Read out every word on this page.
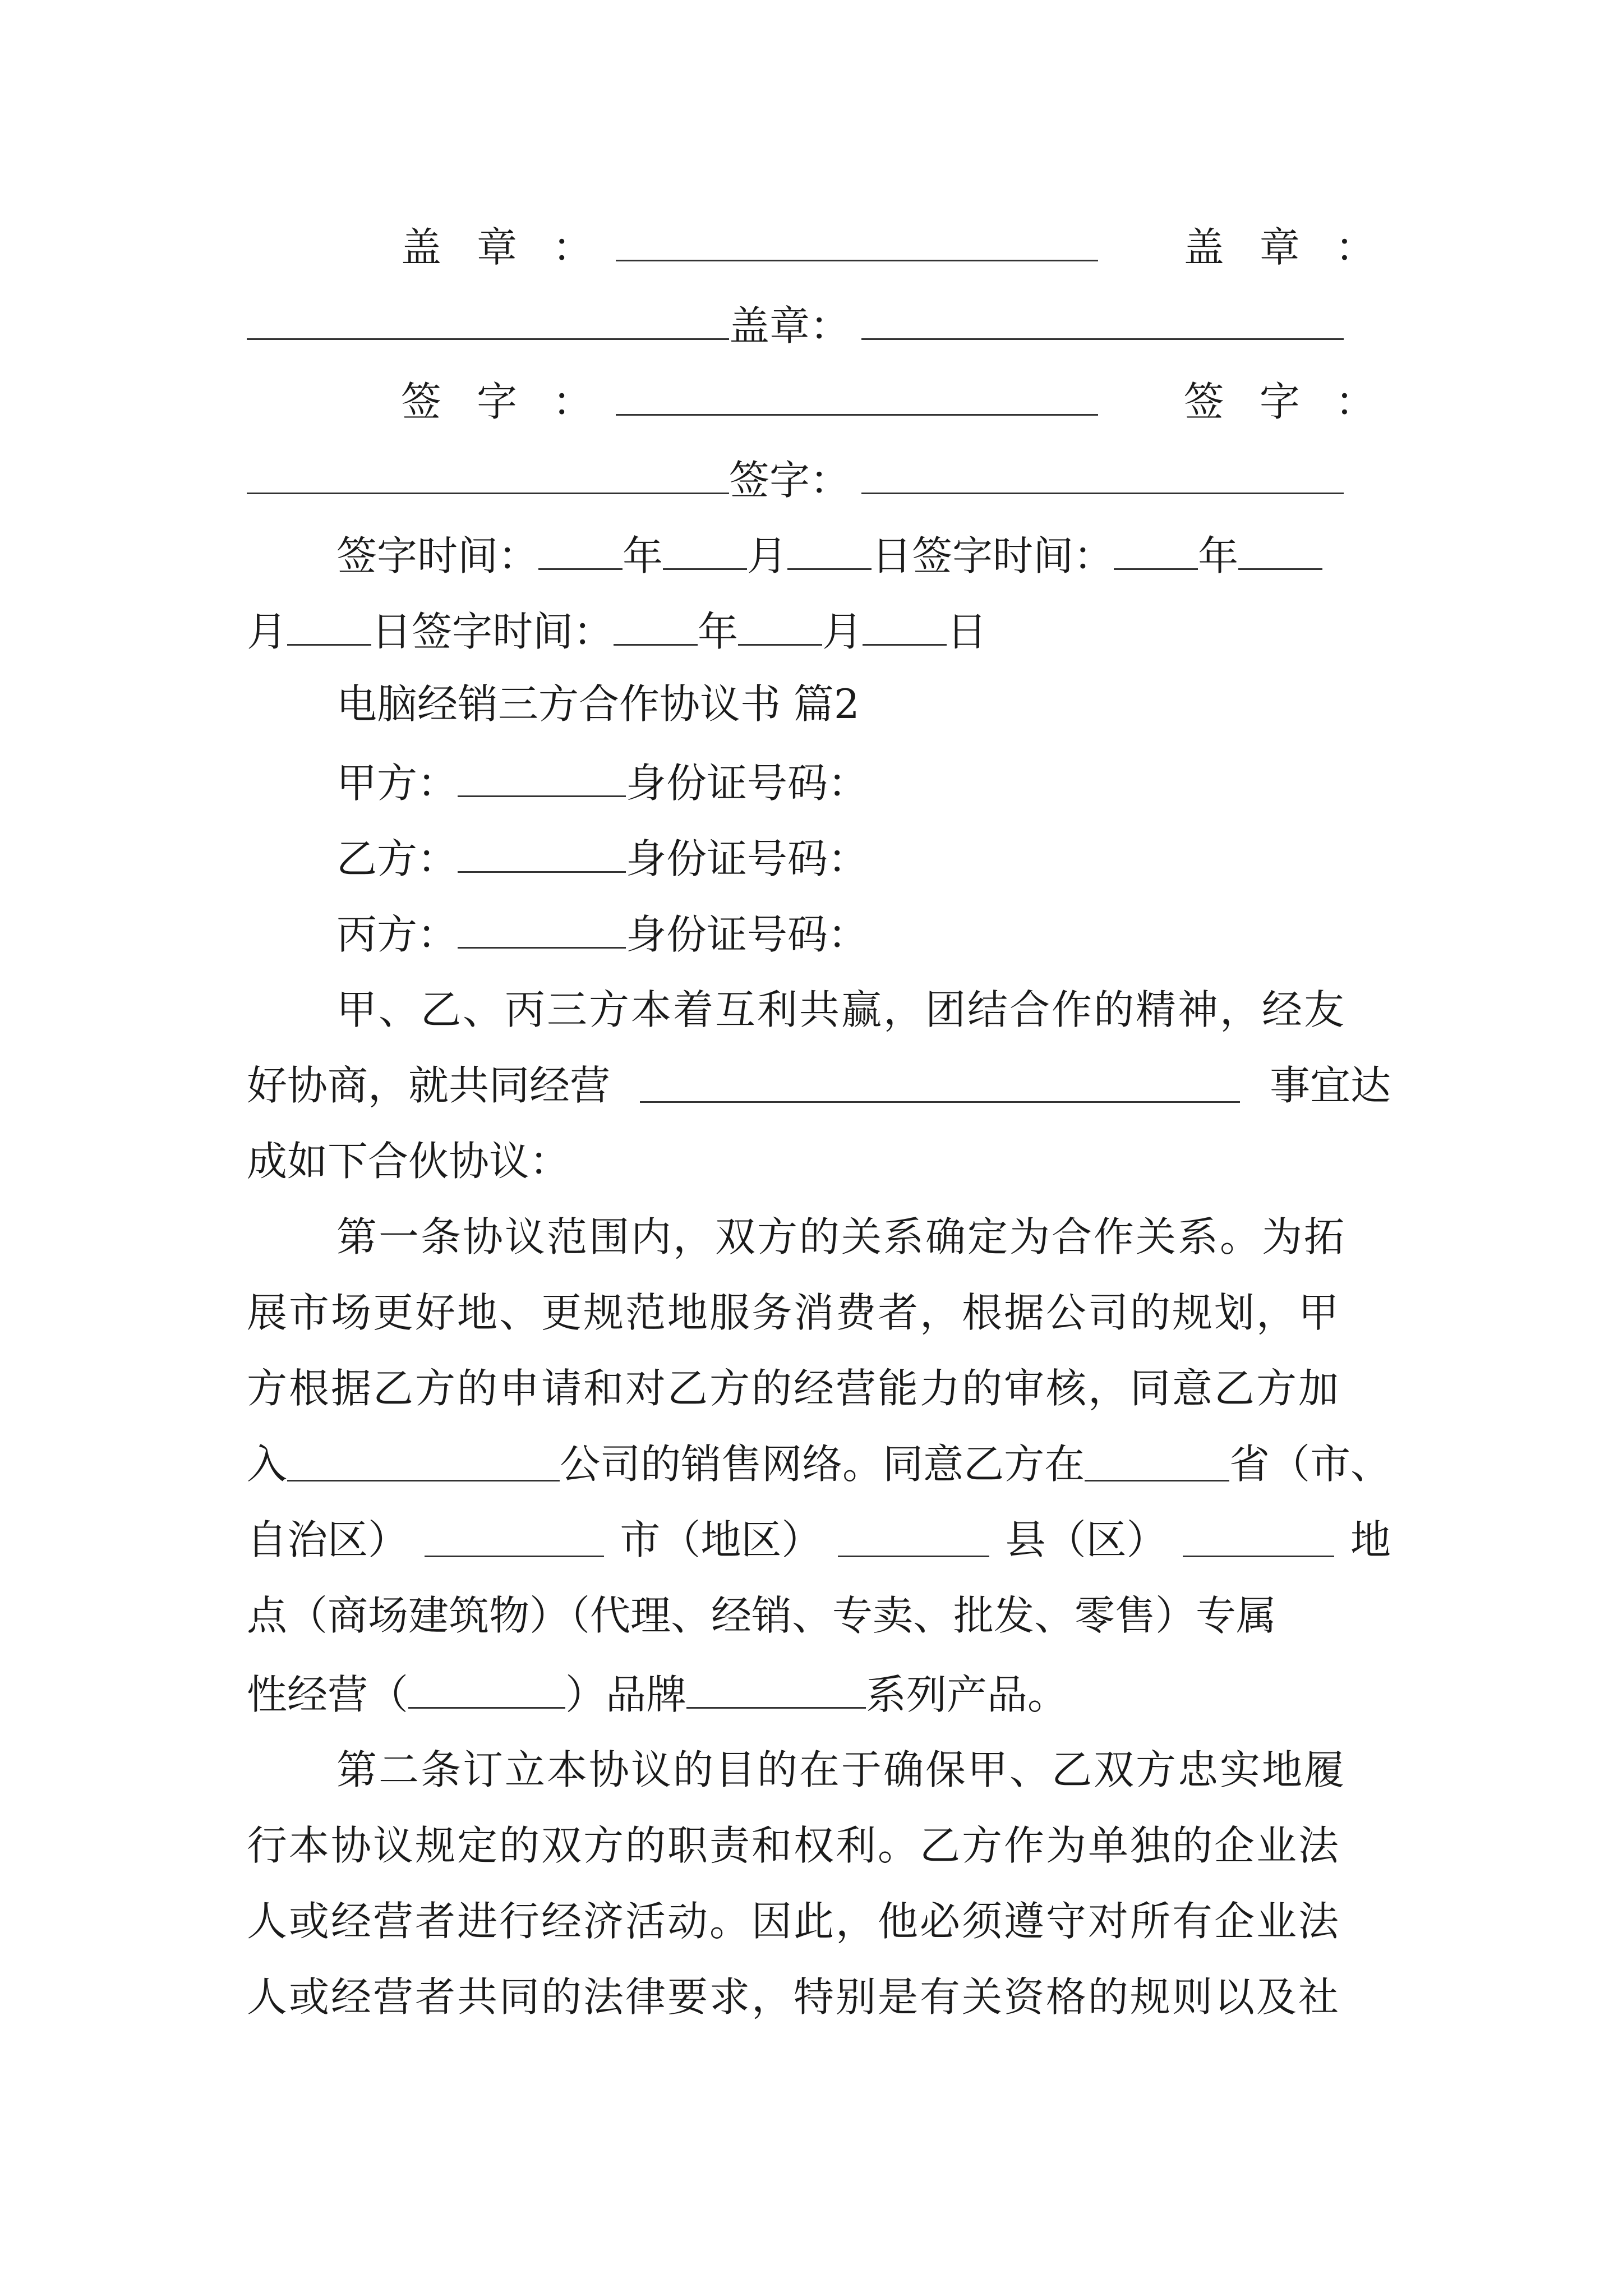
盖 章 ：	盖 章 ：
盖章：
签 字 ：	签 字 ：
签字：
签字时间： 年 月 日签字时间： 年
月 日签字时间： 年 月 日
电脑经销三方合作协议书 篇2
甲方：	身份证号码：
乙方：	身份证号码：
丙方：	身份证号码：
甲、乙、丙三方本着互利共赢，团结合作的精神，经友
好协商，就共同经营	事宜达
成如下合伙协议：
第一条协议范围内，双方的关系确定为合作关系。为拓
展市场更好地、更规范地服务消费者，根据公司的规划，甲
方根据乙方的申请和对乙方的经营能力的审核，同意乙方加
入	公司的销售网络。同意乙方在	省（市、
自治区）	市（地区）	县（区）	地
点（商场建筑物）（代理、经销、专卖、批发、零售）专属
性经营（	）品牌	系列产品。
第二条订立本协议的目的在于确保甲、乙双方忠实地履
行本协议规定的双方的职责和权利。乙方作为单独的企业法
人或经营者进行经济活动。因此，他必须遵守对所有企业法
人或经营者共同的法律要求，特别是有关资格的规则以及社
